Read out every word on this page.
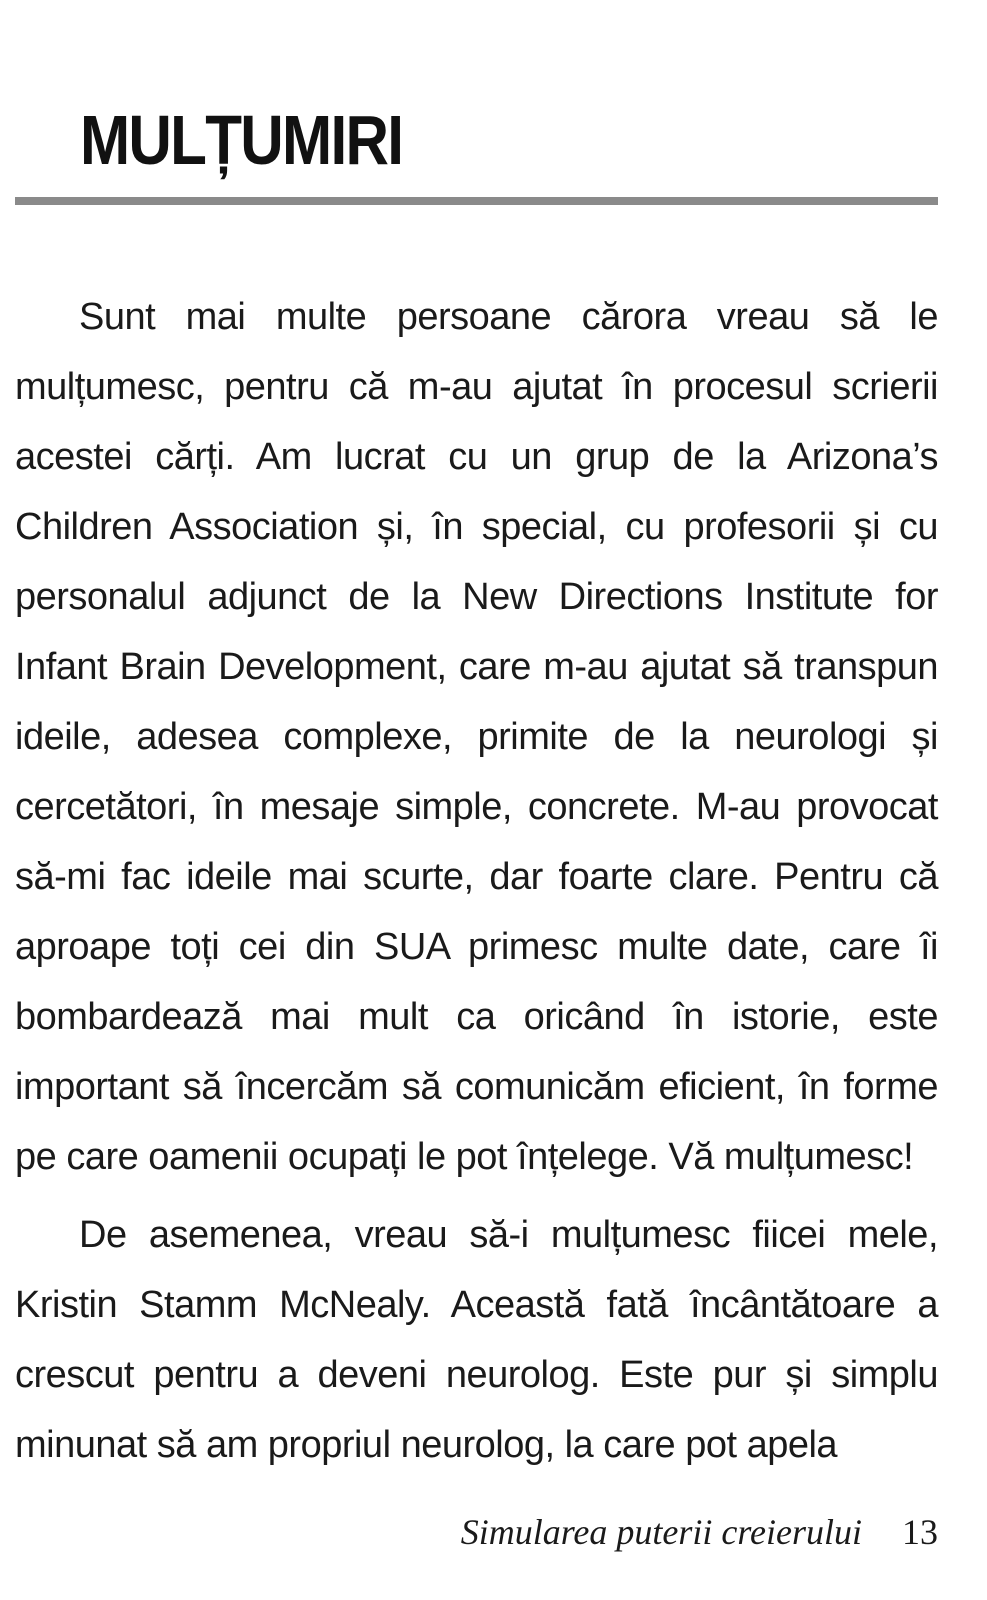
MULȚUMIRI

Sunt mai multe persoane cărora vreau să le mulțumesc, pentru că m-au ajutat în procesul scrierii acestei cărți. Am lucrat cu un grup de la Arizona’s Children Association și, în special, cu profesorii și cu personalul adjunct de la New Directions Institute for Infant Brain Development, care m-au ajutat să transpun ideile, adesea complexe, primite de la neurologi și cercetători, în mesaje simple, concrete. M-au provocat să-mi fac ideile mai scurte, dar foarte clare. Pentru că aproape toți cei din SUA primesc multe date, care îi bombardează mai mult ca oricând în istorie, este important să încercăm să comunicăm eficient, în forme pe care oamenii ocupați le pot înțelege. Vă mulțumesc!

De asemenea, vreau să-i mulțumesc fiicei mele, Kristin Stamm McNealy. Această fată încântătoare a crescut pentru a deveni neurolog. Este pur și simplu minunat să am propriul neurolog, la care pot apela

Simularea puterii creierului 13
